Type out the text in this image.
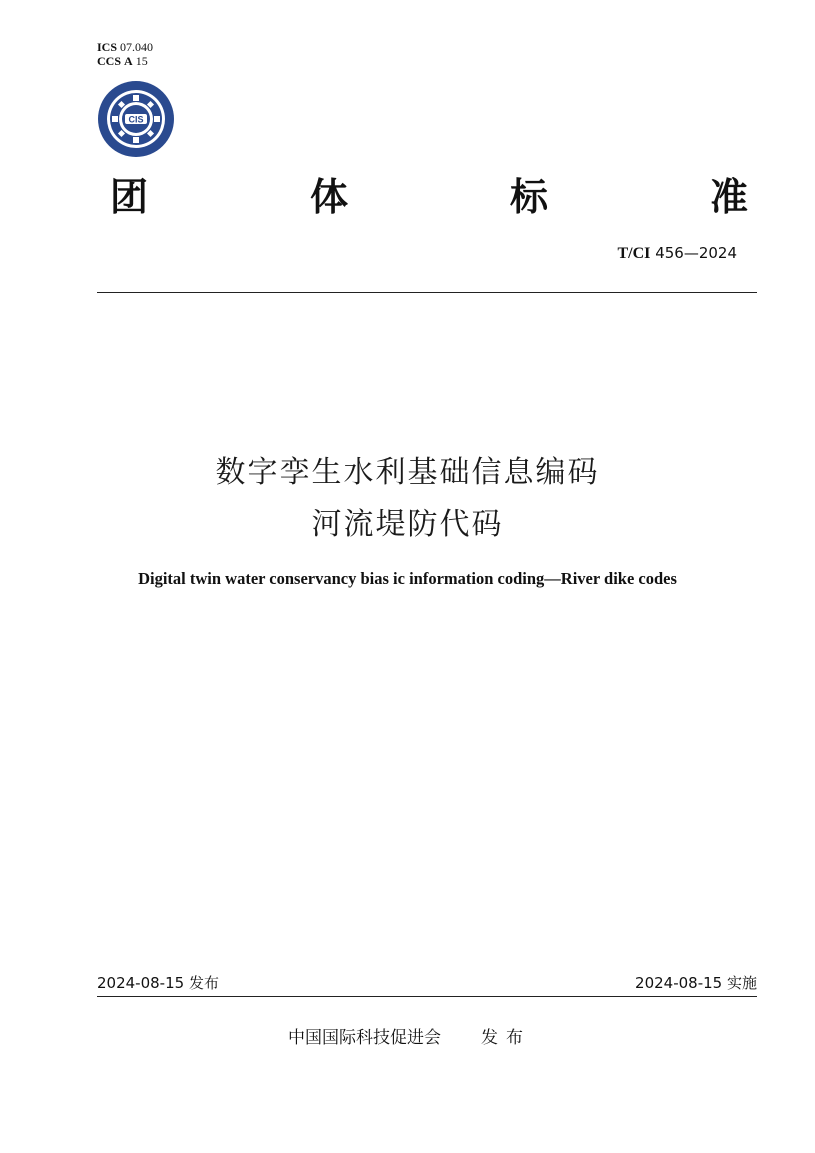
ICS 07.040
CCS A 15
CIS
团	体	标	准
T/CI 456—2024
数字孪生水利基础信息编码
河流堤防代码
Digital twin water conservancy bias ic information coding—River dike codes
2024-08-15 发布	2024-08-15 实施
中国国际科技促进会 发布
